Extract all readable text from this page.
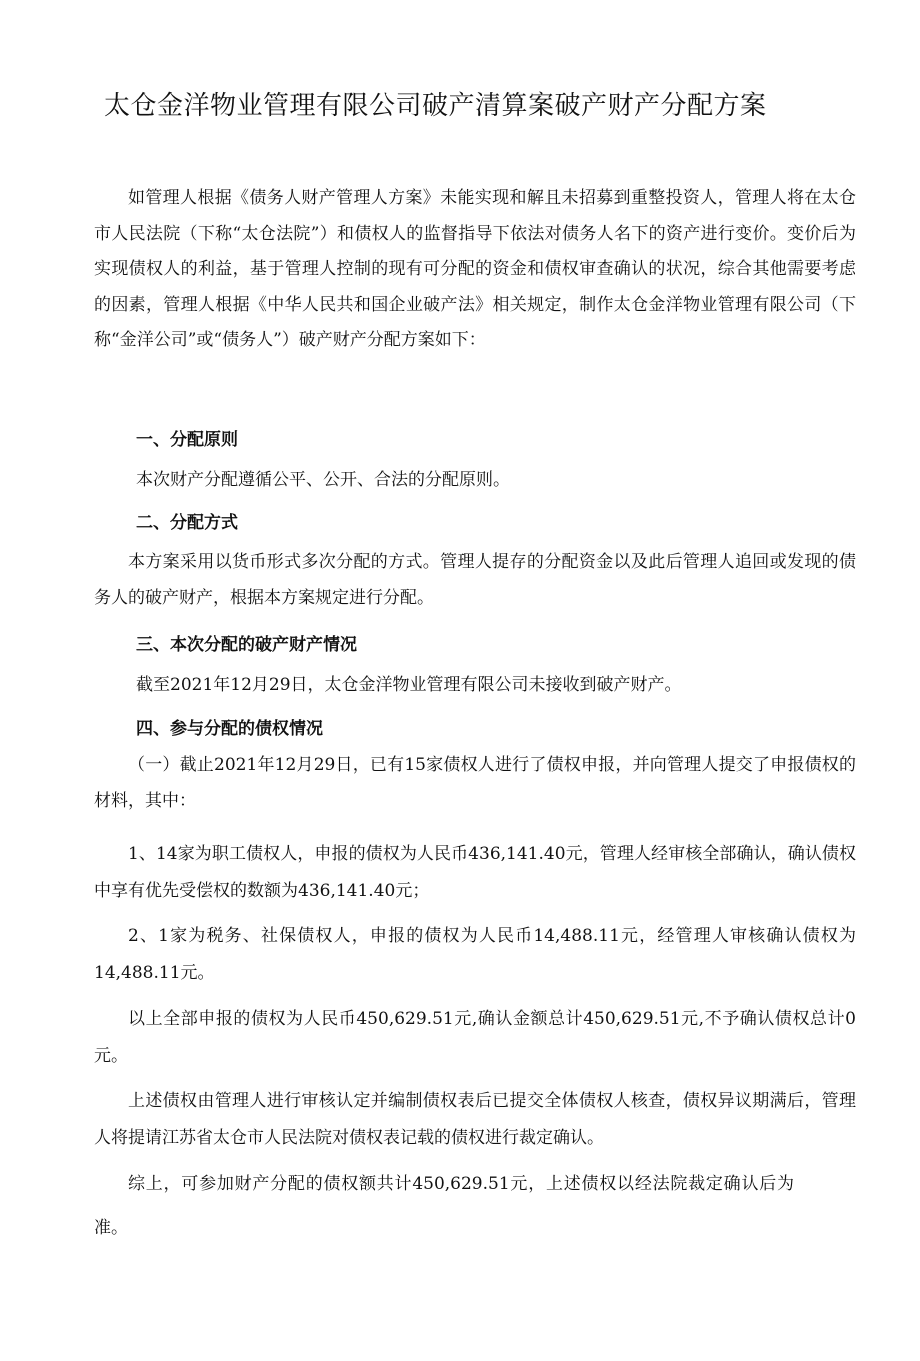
太仓金洋物业管理有限公司破产清算案破产财产分配方案

如管理人根据《债务人财产管理人方案》未能实现和解且未招募到重整投资人，管理人将在太仓市人民法院（下称“太仓法院”）和债权人的监督指导下依法对债务人名下的资产进行变价。变价后为实现债权人的利益，基于管理人控制的现有可分配的资金和债权审查确认的状况，综合其他需要考虑的因素，管理人根据《中华人民共和国企业破产法》相关规定，制作太仓金洋物业管理有限公司（下称“金洋公司”或“债务人”）破产财产分配方案如下：

一、分配原则

本次财产分配遵循公平、公开、合法的分配原则。

二、分配方式

本方案采用以货币形式多次分配的方式。管理人提存的分配资金以及此后管理人追回或发现的债务人的破产财产，根据本方案规定进行分配。

三、本次分配的破产财产情况

截至2021年12月29日，太仓金洋物业管理有限公司未接收到破产财产。

四、参与分配的债权情况

（一）截止2021年12月29日，已有15家债权人进行了债权申报，并向管理人提交了申报债权的材料，其中：

1、14家为职工债权人，申报的债权为人民币436,141.40元，管理人经审核全部确认，确认债权中享有优先受偿权的数额为436,141.40元；

2、1家为税务、社保债权人，申报的债权为人民币14,488.11元，经管理人审核确认债权为14,488.11元。

以上全部申报的债权为人民币450,629.51元,确认金额总计450,629.51元,不予确认债权总计0元。

上述债权由管理人进行审核认定并编制债权表后已提交全体债权人核查，债权异议期满后，管理人将提请江苏省太仓市人民法院对债权表记载的债权进行裁定确认。

综上，可参加财产分配的债权额共计450,629.51元，上述债权以经法院裁定确认后为准。
